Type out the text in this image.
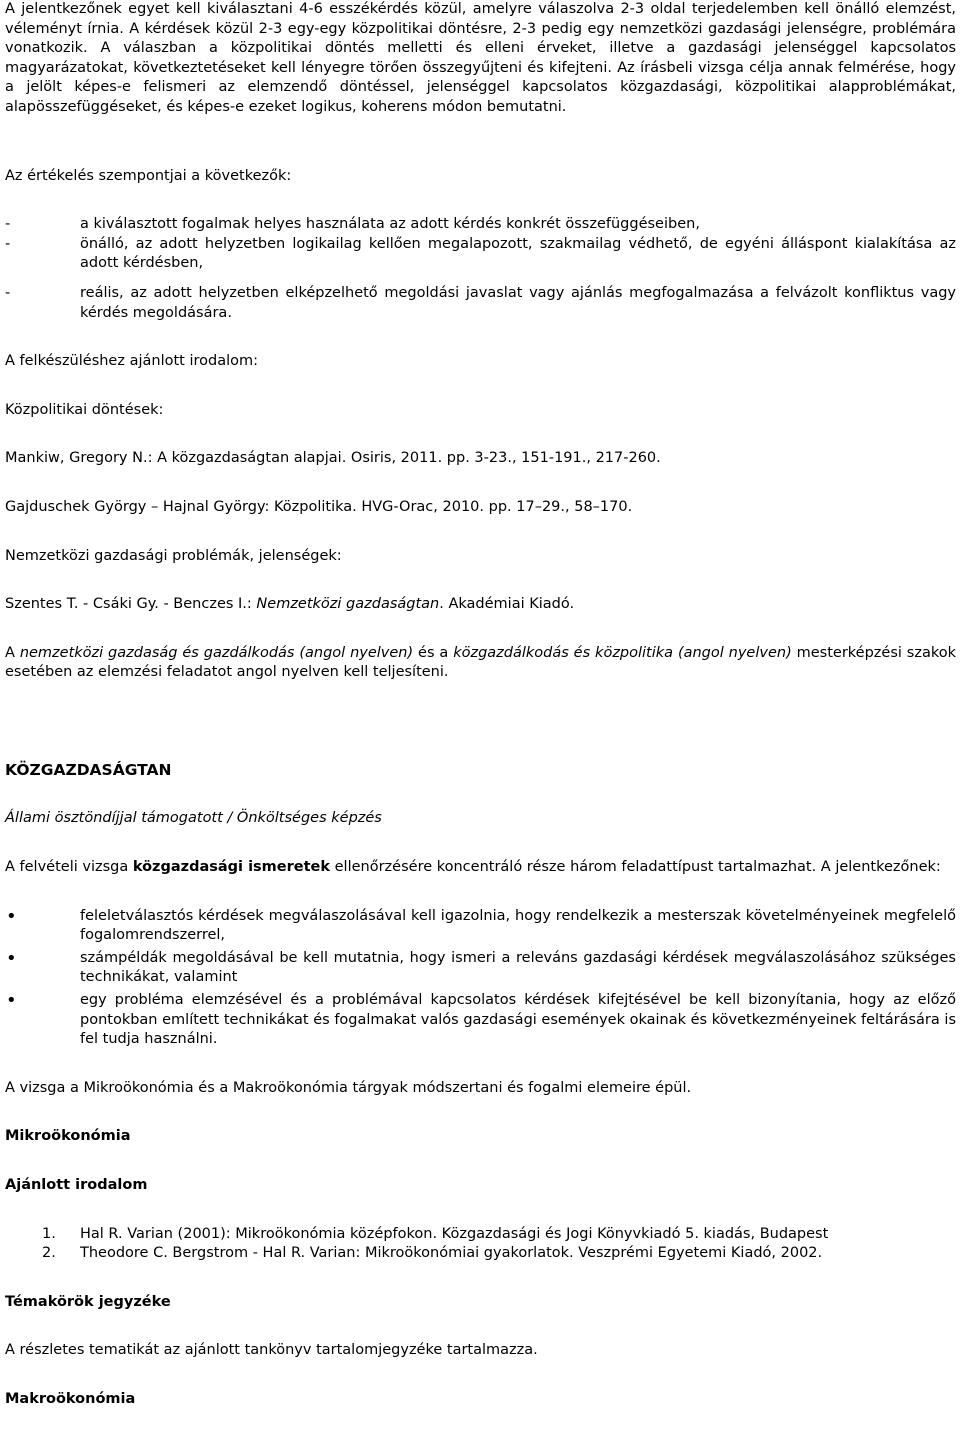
A jelentkezőnek egyet kell kiválasztani 4-6 esszékérdés közül, amelyre válaszolva 2-3 oldal terjedelemben kell önálló elemzést, véleményt írnia. A kérdések közül 2-3 egy-egy közpolitikai döntésre, 2-3 pedig egy nemzetközi gazdasági jelenségre, problémára vonatkozik. A válaszban a közpolitikai döntés melletti és elleni érveket, illetve a gazdasági jelenséggel kapcsolatos magyarázatokat, következtetéseket kell lényegre törően összegyűjteni és kifejteni. Az írásbeli vizsga célja annak felmérése, hogy a jelölt képes-e felismeri az elemzendő döntéssel, jelenséggel kapcsolatos közgazdasági, közpolitikai alapproblémákat, alapösszefüggéseket, és képes-e ezeket logikus, koherens módon bemutatni.

Az értékelés szempontjai a következők:

-	a kiválasztott fogalmak helyes használata az adott kérdés konkrét összefüggéseiben,
-	önálló, az adott helyzetben logikailag kellően megalapozott, szakmailag védhető, de egyéni álláspont kialakítása az adott kérdésben,
-	reális, az adott helyzetben elképzelhető megoldási javaslat vagy ajánlás megfogalmazása a felvázolt konfliktus vagy kérdés megoldására.

A felkészüléshez ajánlott irodalom:

Közpolitikai döntések:

Mankiw, Gregory N.: A közgazdaságtan alapjai. Osiris, 2011. pp. 3-23., 151-191., 217-260.

Gajduschek György – Hajnal György: Közpolitika. HVG-Orac, 2010. pp. 17–29., 58–170.

Nemzetközi gazdasági problémák, jelenségek:

Szentes T. - Csáki Gy. - Benczes I.: Nemzetközi gazdaságtan. Akadémiai Kiadó.

A nemzetközi gazdaság és gazdálkodás (angol nyelven) és a közgazdálkodás és közpolitika (angol nyelven) mesterképzési szakok esetében az elemzési feladatot angol nyelven kell teljesíteni.

KÖZGAZDASÁGTAN

Állami ösztöndíjjal támogatott / Önköltséges képzés

A felvételi vizsga közgazdasági ismeretek ellenőrzésére koncentráló része három feladattípust tartalmazhat. A jelentkezőnek:

•	feleletválasztós kérdések megválaszolásával kell igazolnia, hogy rendelkezik a mesterszak követelményeinek megfelelő fogalomrendszerrel,
•	számpéldák megoldásával be kell mutatnia, hogy ismeri a releváns gazdasági kérdések megválaszolásához szükséges technikákat, valamint
•	egy probléma elemzésével és a problémával kapcsolatos kérdések kifejtésével be kell bizonyítania, hogy az előző pontokban említett technikákat és fogalmakat valós gazdasági események okainak és következményeinek feltárására is fel tudja használni.

A vizsga a Mikroökonómia és a Makroökonómia tárgyak módszertani és fogalmi elemeire épül.

Mikroökonómia

Ajánlott irodalom

1. Hal R. Varian (2001): Mikroökonómia középfokon. Közgazdasági és Jogi Könyvkiadó 5. kiadás, Budapest
2. Theodore C. Bergstrom - Hal R. Varian: Mikroökonómiai gyakorlatok. Veszprémi Egyetemi Kiadó, 2002.

Témakörök jegyzéke

A részletes tematikát az ajánlott tankönyv tartalomjegyzéke tartalmazza.

Makroökonómia
